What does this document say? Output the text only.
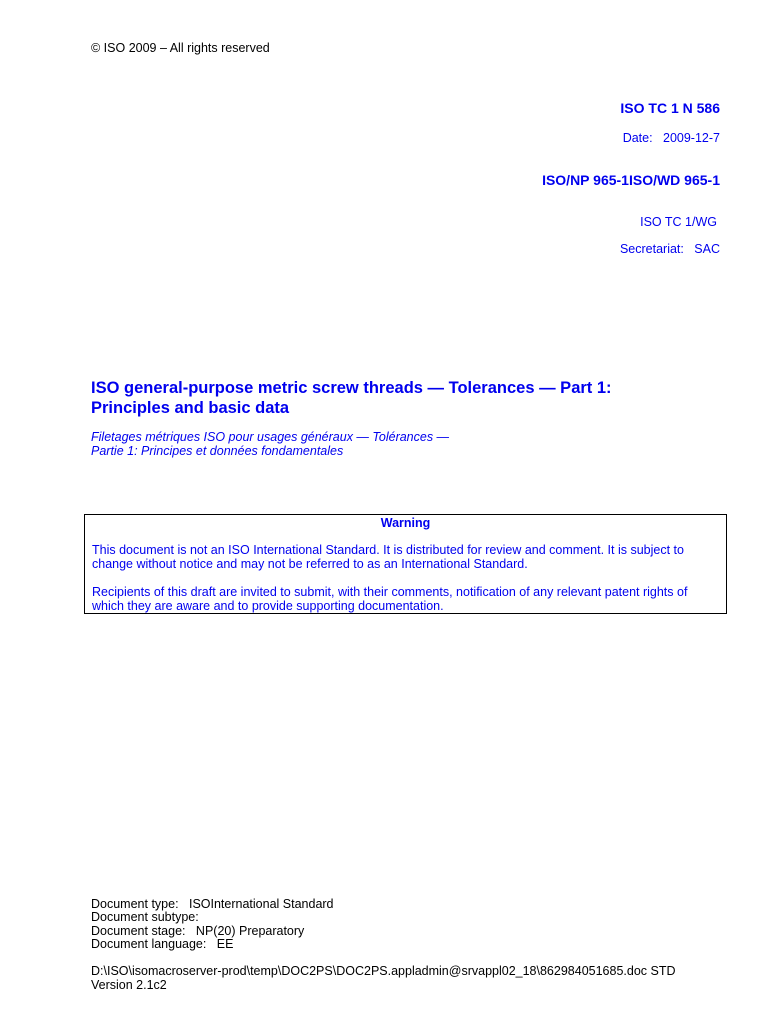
© ISO 2009 – All rights reserved
ISO TC 1 N 586
Date: 2009-12-7
ISO/NP 965-1ISO/WD 965-1
ISO TC 1/WG
Secretariat: SAC
ISO general-purpose metric screw threads — Tolerances — Part 1:
Principles and basic data
Filetages métriques ISO pour usages généraux — Tolérances —
Partie 1: Principes et données fondamentales
Warning

This document is not an ISO International Standard. It is distributed for review and comment. It is subject to change without notice and may not be referred to as an International Standard.

Recipients of this draft are invited to submit, with their comments, notification of any relevant patent rights of which they are aware and to provide supporting documentation.

Document type: ISOInternational Standard
Document subtype:
Document stage: NP(20) Preparatory
Document language: EE
D:\ISO\isomacroserver-prod\temp\DOC2PS\DOC2PS.appladmin@srvappl02_18\862984051685.doc STD
Version 2.1c2
